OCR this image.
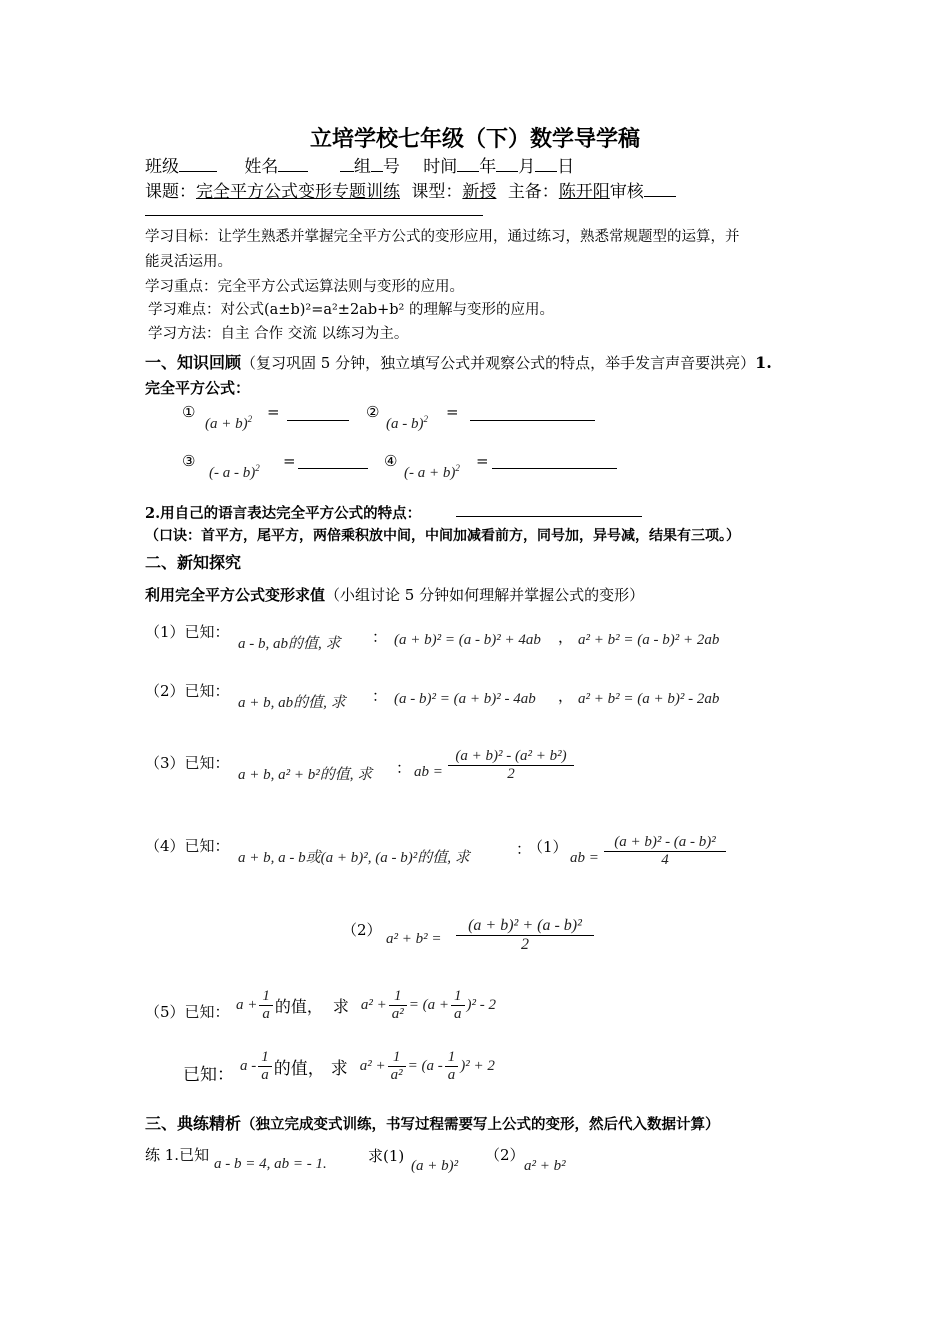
立培学校七年级（下）数学导学稿
班级	姓名	组 号 时间 年 月 日
课题：完全平方公式变形专题训练 课型：新授 主备：陈开阳审核
学习目标：让学生熟悉并掌握完全平方公式的变形应用，通过练习，熟悉常规题型的运算，并
能灵活运用。
学习重点：完全平方公式运算法则与变形的应用。
学习难点：对公式(a±b)²=a²±2ab+b² 的理解与变形的应用。
学习方法：自主 合作 交流 以练习为主。
一、知识回顾（复习巩固 5 分钟，独立填写公式并观察公式的特点，举手发言声音要洪亮）1.
完全平方公式：
①
$(a + b)^2$ =	②
(a - b)$^2$ =
③
(- a - b)$^2$ =	④
(- a + b)$^2$ =
2.用自己的语言表达完全平方公式的特点：
（口诀：首平方，尾平方，两倍乘积放中间，中间加减看前方，同号加，异号减，结果有三项。）
二、新知探究
利用完全平方公式变形求值（小组讨论 5 分钟如何理解并掌握公式的变形）
（1）已知：
a - b, ab的值, 求 ： (a + b)² = (a - b)² + 4ab ， a² + b² = (a - b)² + 2ab
（2）已知：
a + b, ab的值, 求 ： (a - b)² = (a + b)² - 4ab ， a² + b² = (a + b)² - 2ab
（3）已知：
a + b, a² + b²的值, 求 ： ab = $\frac{\text{(a + b)² - (a² + b²)}}{2}$
（4）已知：
a + b, a - b或(a + b)², (a - b)²的值, 求	：
（1）
ab = $\frac{\text{(a + b)² - (a - b)²}}{4}$
（2） $a^2 + b^2 = \frac{\text{(a + b)² + (a - b)²}}{2}$
（5）已知： $a + \frac{1}{a}$ 的值， 求 $a^2 + \frac{1}{\text{a²}} = (a + \frac{1}{a} )^2 - 2$
已知： a - $\frac{1}{a}$ 的值， 求 $a^2 + \frac{1}{\text{a²}} = (a - \frac{1}{a} )^2 + 2$
三、典练精析（独立完成变式训练，书写过程需要写上公式的变形，然后代入数据计算）
练 1.已知 a - b = 4, ab = - 1.	求(1)
(a + b)²
（2）
a² + b²
